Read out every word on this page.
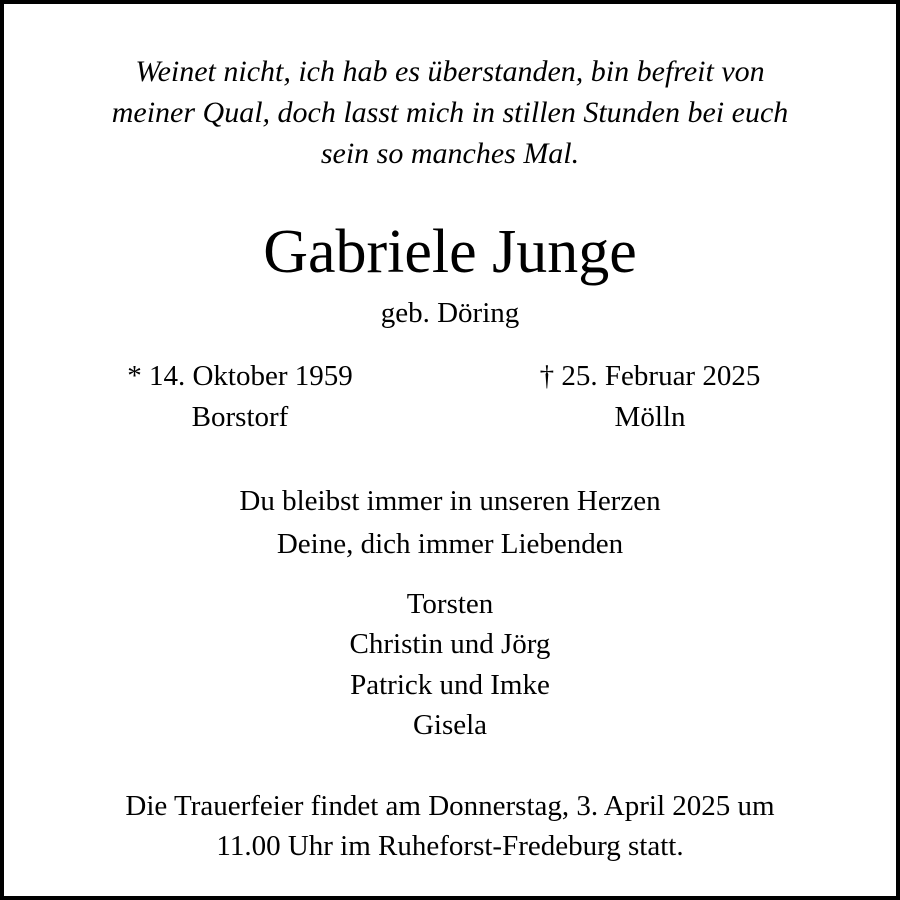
Weinet nicht, ich hab es überstanden, bin befreit von
meiner Qual, doch lasst mich in stillen Stunden bei euch
sein so manches Mal.
Gabriele Junge
geb. Döring
* 14. Oktober 1959
Borstorf
† 25. Februar 2025
Mölln
Du bleibst immer in unseren Herzen
Deine, dich immer Liebenden
Torsten
Christin und Jörg
Patrick und Imke
Gisela
Die Trauerfeier findet am Donnerstag, 3. April 2025 um
11.00 Uhr im Ruheforst-Fredeburg statt.
